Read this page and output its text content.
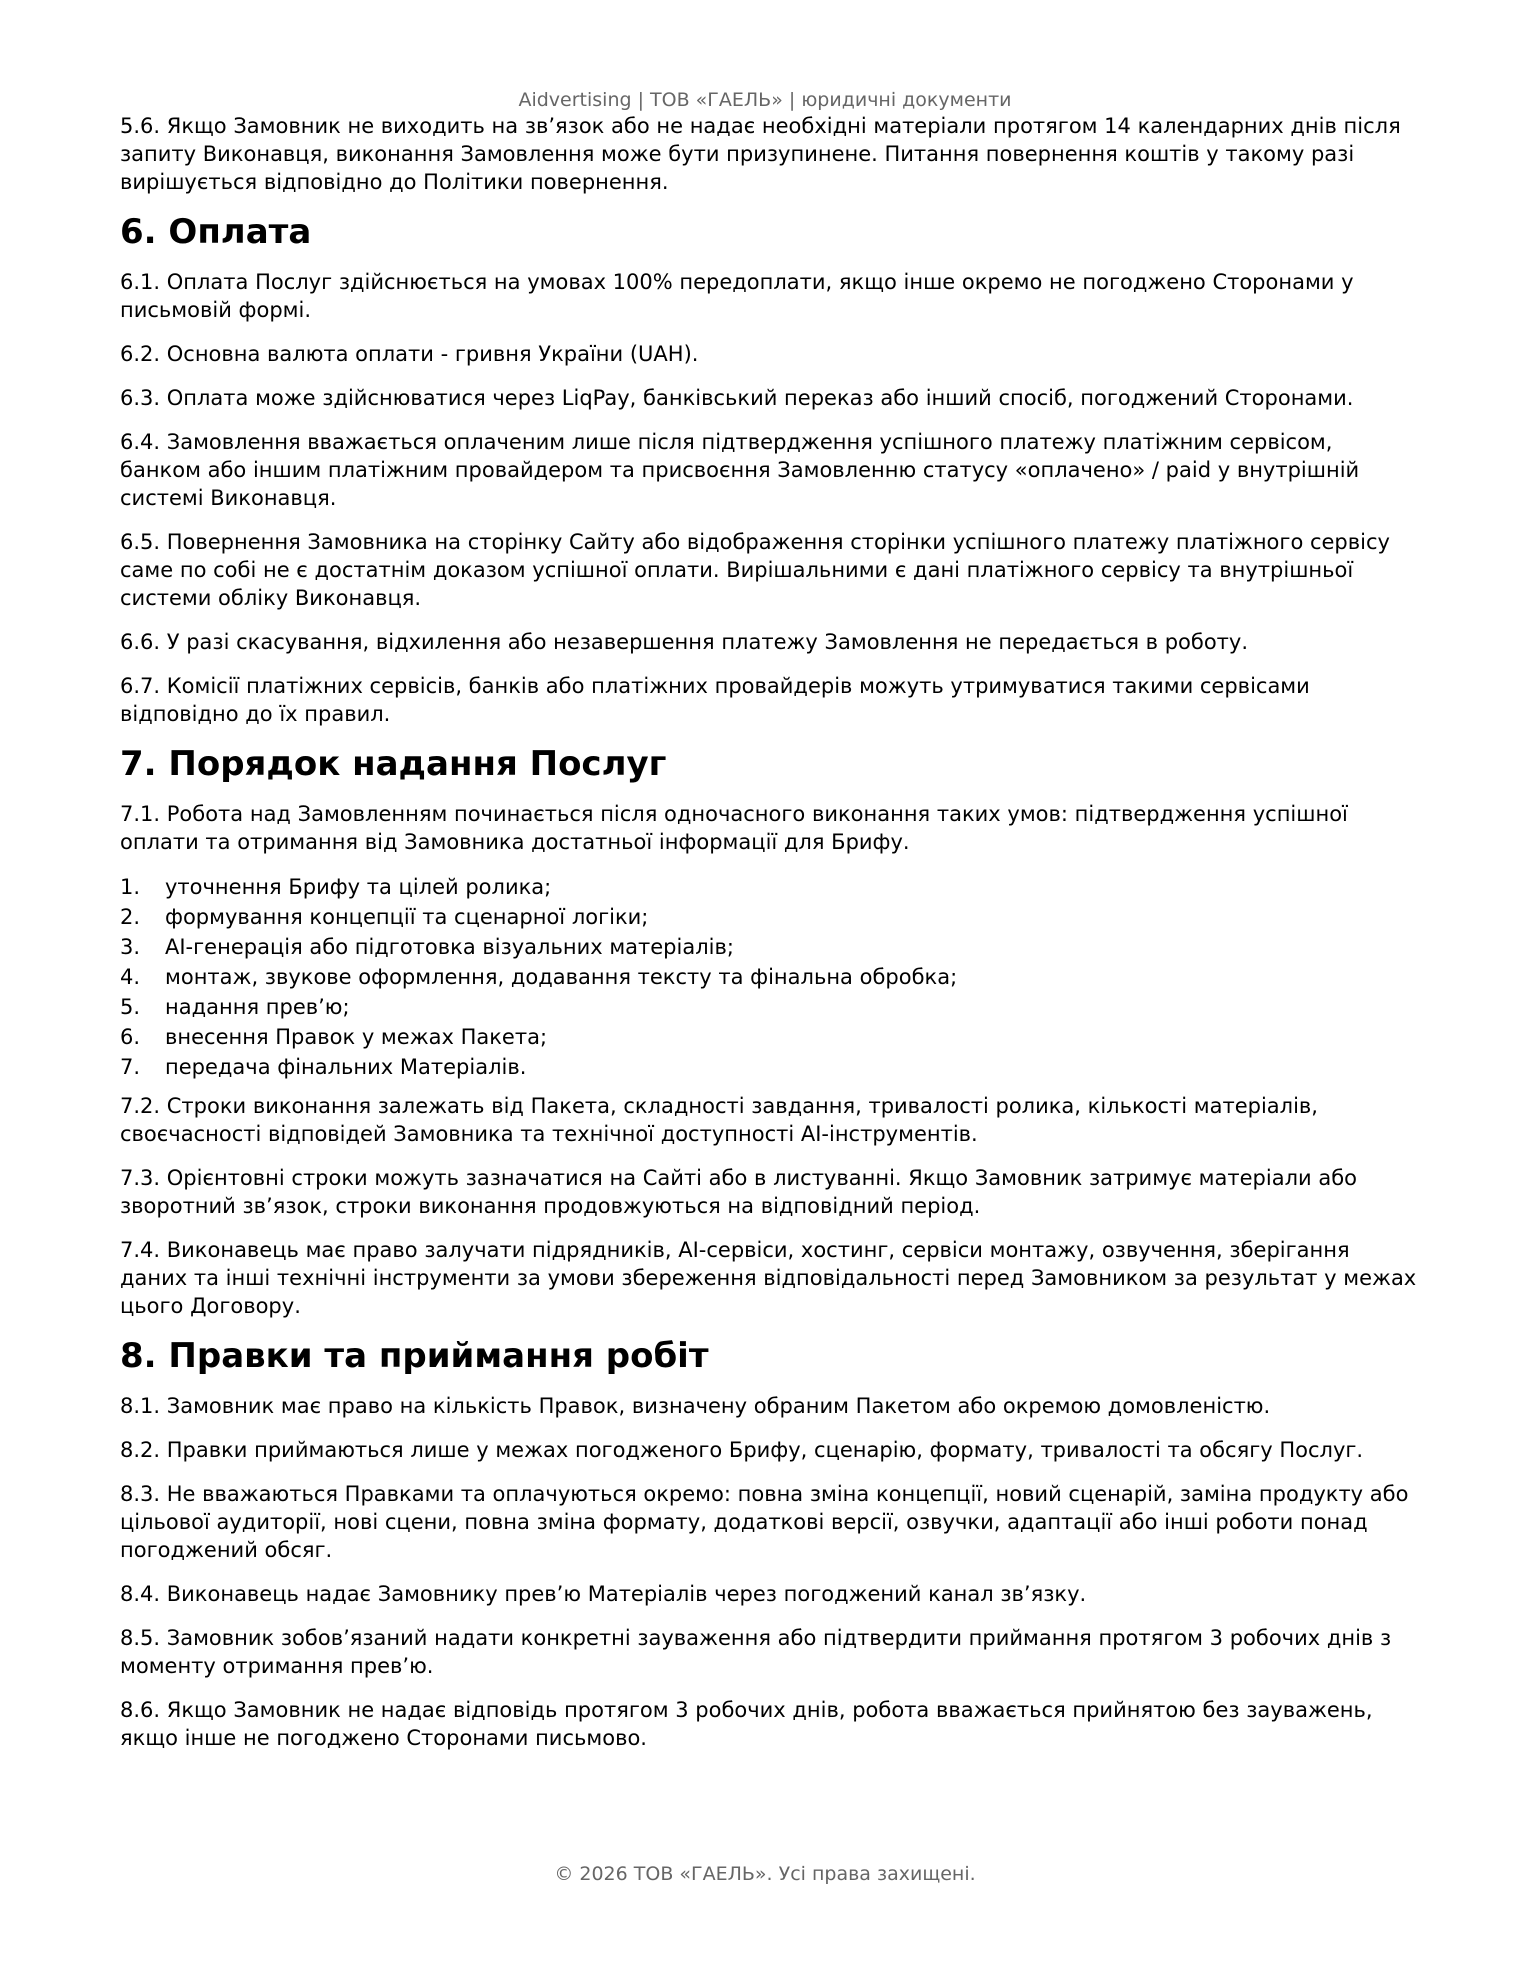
Aidvertising | ТОВ «ГАЕЛЬ» | юридичні документи

5.6. Якщо Замовник не виходить на зв’язок або не надає необхідні матеріали протягом 14 календарних днів після запиту Виконавця, виконання Замовлення може бути призупинене. Питання повернення коштів у такому разі вирішується відповідно до Політики повернення.

6. Оплата

6.1. Оплата Послуг здійснюється на умовах 100% передоплати, якщо інше окремо не погоджено Сторонами у письмовій формі.

6.2. Основна валюта оплати - гривня України (UAH).

6.3. Оплата може здійснюватися через LiqPay, банківський переказ або інший спосіб, погоджений Сторонами.

6.4. Замовлення вважається оплаченим лише після підтвердження успішного платежу платіжним сервісом, банком або іншим платіжним провайдером та присвоєння Замовленню статусу «оплачено» / paid у внутрішній системі Виконавця.

6.5. Повернення Замовника на сторінку Сайту або відображення сторінки успішного платежу платіжного сервісу саме по собі не є достатнім доказом успішної оплати. Вирішальними є дані платіжного сервісу та внутрішньої системи обліку Виконавця.

6.6. У разі скасування, відхилення або незавершення платежу Замовлення не передається в роботу.

6.7. Комісії платіжних сервісів, банків або платіжних провайдерів можуть утримуватися такими сервісами відповідно до їх правил.

7. Порядок надання Послуг

7.1. Робота над Замовленням починається після одночасного виконання таких умов: підтвердження успішної оплати та отримання від Замовника достатньої інформації для Брифу.

1.	уточнення Брифу та цілей ролика;
2.	формування концепції та сценарної логіки;
3.	AI-генерація або підготовка візуальних матеріалів;
4.	монтаж, звукове оформлення, додавання тексту та фінальна обробка;
5.	надання прев’ю;
6.	внесення Правок у межах Пакета;
7.	передача фінальних Матеріалів.

7.2. Строки виконання залежать від Пакета, складності завдання, тривалості ролика, кількості матеріалів, своєчасності відповідей Замовника та технічної доступності AI-інструментів.

7.3. Орієнтовні строки можуть зазначатися на Сайті або в листуванні. Якщо Замовник затримує матеріали або зворотний зв’язок, строки виконання продовжуються на відповідний період.

7.4. Виконавець має право залучати підрядників, AI-сервіси, хостинг, сервіси монтажу, озвучення, зберігання даних та інші технічні інструменти за умови збереження відповідальності перед Замовником за результат у межах цього Договору.

8. Правки та приймання робіт

8.1. Замовник має право на кількість Правок, визначену обраним Пакетом або окремою домовленістю.

8.2. Правки приймаються лише у межах погодженого Брифу, сценарію, формату, тривалості та обсягу Послуг.

8.3. Не вважаються Правками та оплачуються окремо: повна зміна концепції, новий сценарій, заміна продукту або цільової аудиторії, нові сцени, повна зміна формату, додаткові версії, озвучки, адаптації або інші роботи понад погоджений обсяг.

8.4. Виконавець надає Замовнику прев’ю Матеріалів через погоджений канал зв’язку.

8.5. Замовник зобов’язаний надати конкретні зауваження або підтвердити приймання протягом 3 робочих днів з моменту отримання прев’ю.

8.6. Якщо Замовник не надає відповідь протягом 3 робочих днів, робота вважається прийнятою без зауважень, якщо інше не погоджено Сторонами письмово.

© 2026 ТОВ «ГАЕЛЬ». Усі права захищені.
